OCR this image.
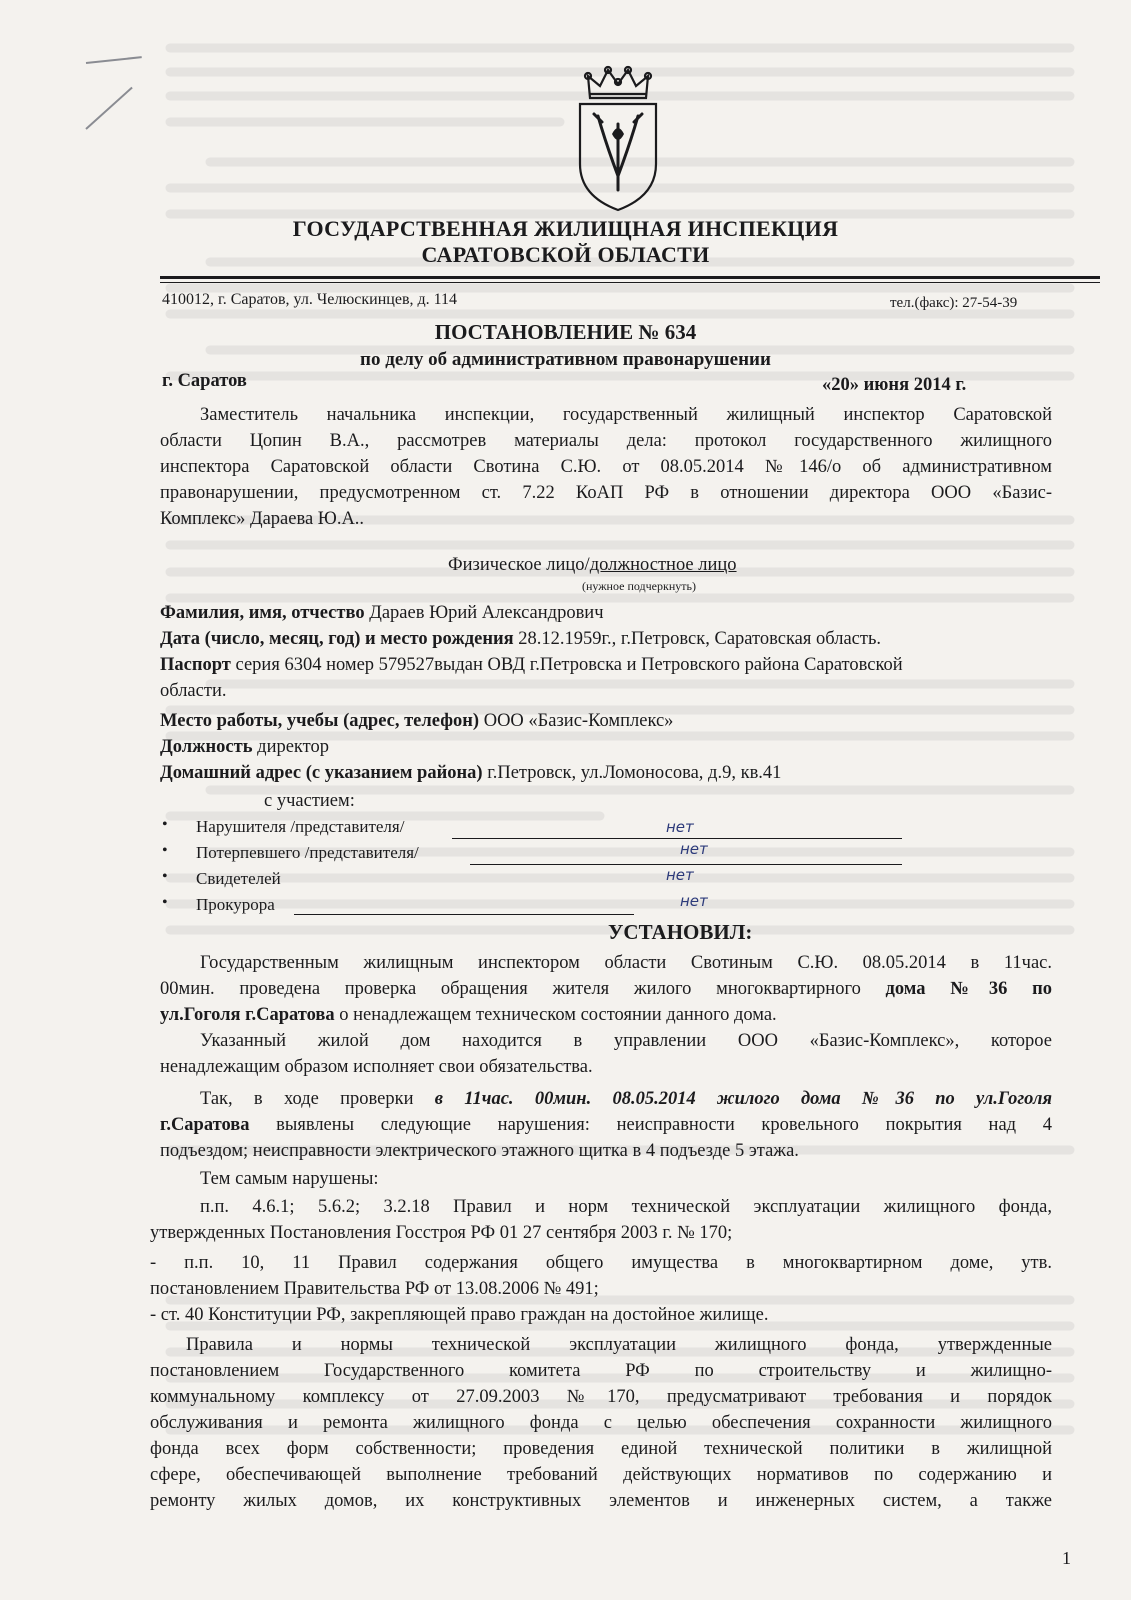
ГОСУДАРСТВЕННАЯ ЖИЛИЩНАЯ ИНСПЕКЦИЯ
САРАТОВСКОЙ ОБЛАСТИ
410012, г. Саратов, ул. Челюскинцев, д. 114	тел.(факс): 27-54-39
ПОСТАНОВЛЕНИЕ № 634
по делу об административном правонарушении
г. Саратов	«20» июня 2014 г.
Заместитель начальника инспекции, государственный жилищный инспектор Саратовской
области Цопин В.А., рассмотрев материалы дела: протокол государственного жилищного
инспектора Саратовской области Свотина С.Ю. от 08.05.2014 №146/о об административном
правонарушении, предусмотренном ст. 7.22 КоАП РФ в отношении директора ООО «Базис-
Комплекс» Дараева Ю.А..
Физическое лицо/должностное лицо
(нужное подчеркнуть)
Фамилия, имя, отчество Дараев Юрий Александрович
Дата (число, месяц, год) и место рождения 28.12.1959г., г.Петровск, Саратовская область.
Паспорт серия 6304 номер 579527выдан ОВД г.Петровска и Петровского района Саратовской
области.
Место работы, учебы (адрес, телефон) ООО «Базис-Комплекс»
Должность директор
Домашний адрес (с указанием района) г.Петровск, ул.Ломоносова, д.9, кв.41
с участием:
• Нарушителя /представителя/	нет
• Потерпевшего /представителя/	нет
• Свидетелей	нет
• Прокурора	нет
УСТАНОВИЛ:
Государственным жилищным инспектором области Свотиным С.Ю. 08.05.2014 в 11час.
00мин. проведена проверка обращения жителя жилого многоквартирного дома №36 по
ул.Гоголя г.Саратова о ненадлежащем техническом состоянии данного дома.
Указанный жилой дом находится в управлении ООО «Базис-Комплекс», которое
ненадлежащим образом исполняет свои обязательства.
Так, в ходе проверки в 11час. 00мин. 08.05.2014 жилого дома №36 по ул.Гоголя
г.Саратова выявлены следующие нарушения: неисправности кровельного покрытия над 4
подъездом; неисправности электрического этажного щитка в 4 подъезде 5 этажа.
Тем самым нарушены:
п.п. 4.6.1; 5.6.2; 3.2.18 Правил и норм технической эксплуатации жилищного фонда,
утвержденных Постановления Госстроя РФ 01 27 сентября 2003 г. № 170;
- п.п. 10, 11 Правил содержания общего имущества в многоквартирном доме, утв.
постановлением Правительства РФ от 13.08.2006 № 491;
- ст. 40 Конституции РФ, закрепляющей право граждан на достойное жилище.
Правила и нормы технической эксплуатации жилищного фонда, утвержденные
постановлением Государственного комитета РФ по строительству и жилищно-
коммунальному комплексу от 27.09.2003 №170, предусматривают требования и порядок
обслуживания и ремонта жилищного фонда с целью обеспечения сохранности жилищного
фонда всех форм собственности; проведения единой технической политики в жилищной
сфере, обеспечивающей выполнение требований действующих нормативов по содержанию и
ремонту жилых домов, их конструктивных элементов и инженерных систем, а также
1
